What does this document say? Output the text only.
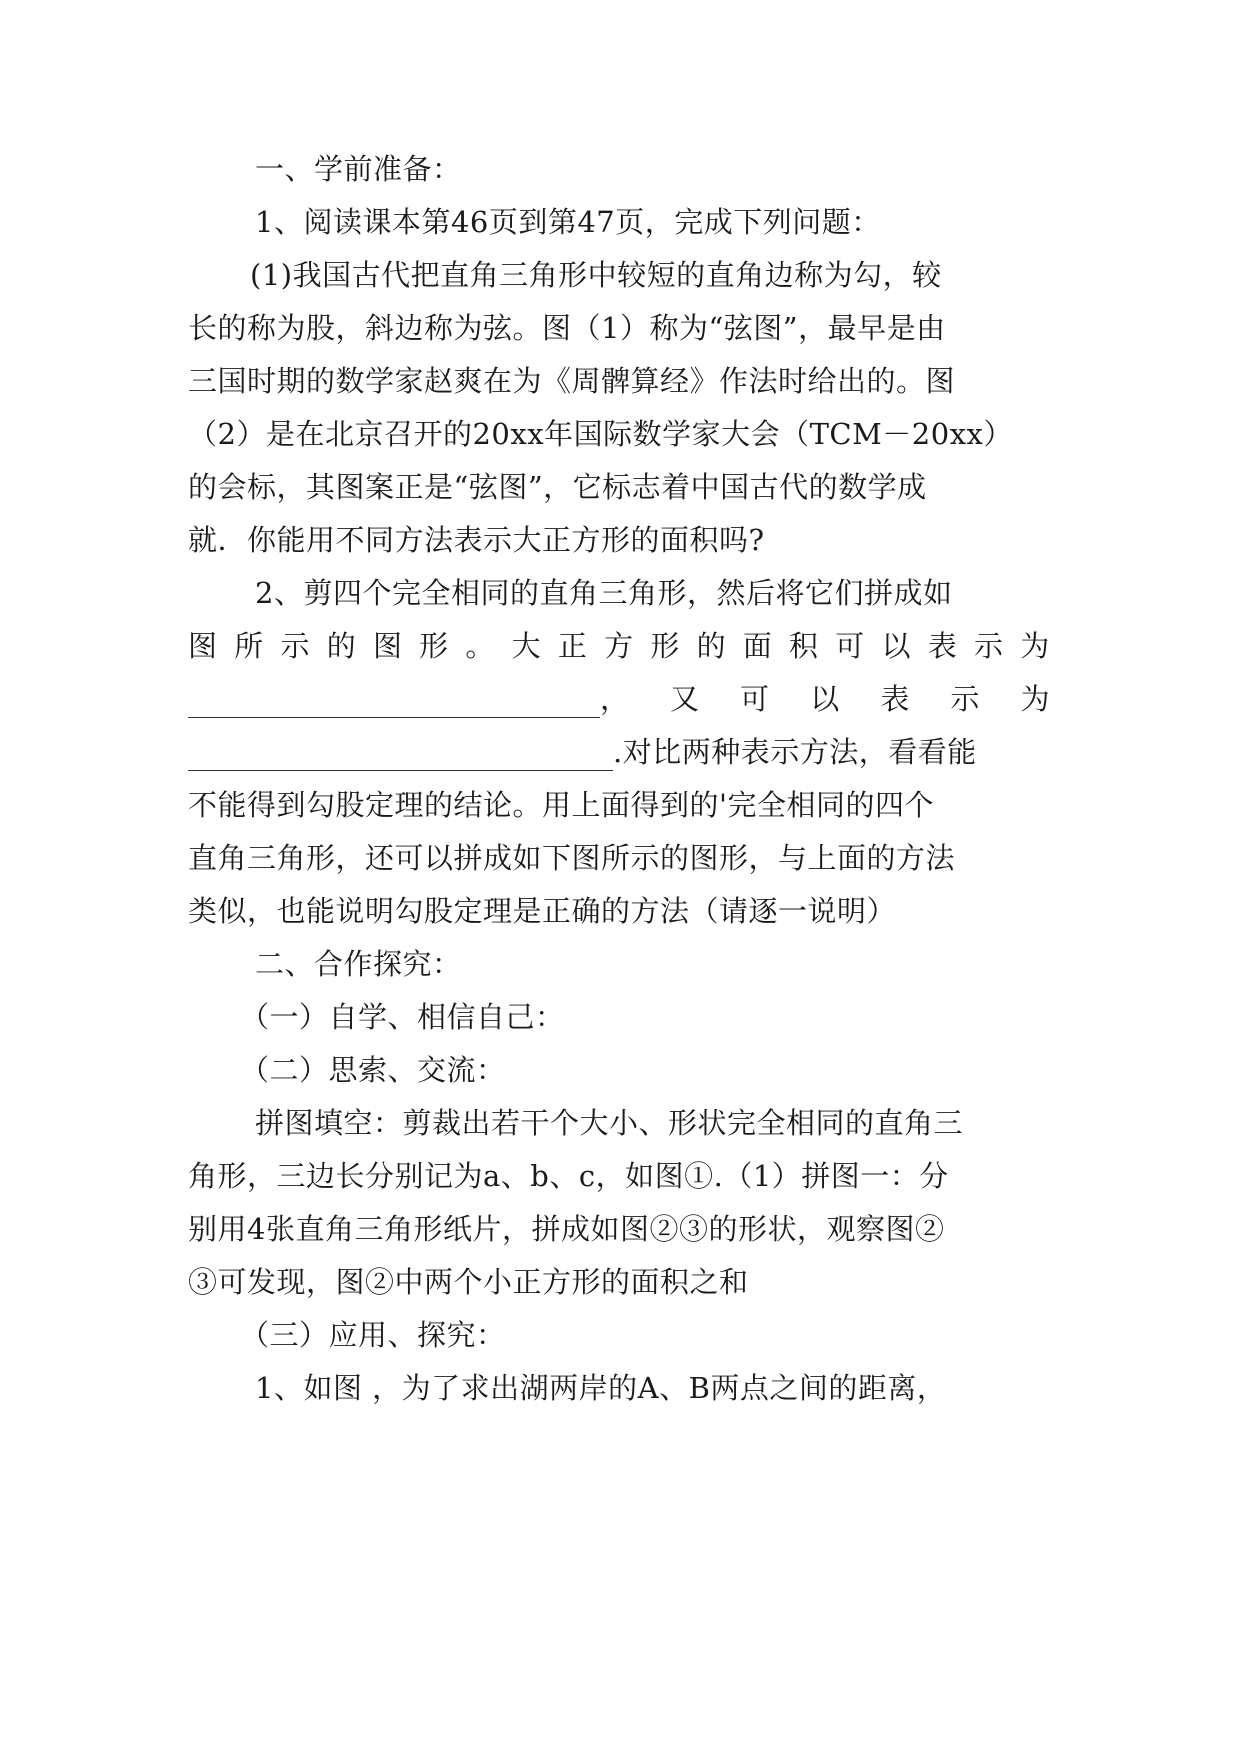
一、学前准备：
1、阅读课本第46页到第47页，完成下列问题：
(1)我国古代把直角三角形中较短的直角边称为勾，较
长的称为股，斜边称为弦。图（1）称为“弦图”，最早是由
三国时期的数学家赵爽在为《周髀算经》作法时给出的。图
（2）是在北京召开的20xx年国际数学家大会（TCM－20xx）
的会标，其图案正是“弦图”，它标志着中国古代的数学成
就．你能用不同方法表示大正方形的面积吗?
2、剪四个完全相同的直角三角形，然后将它们拼成如
图 所 示 的 图 形 。 大 正 方 形 的 面 积 可 以 表 示 为
， 又 可 以 表 示 为
.对比两种表示方法，看看能
不能得到勾股定理的结论。用上面得到的'完全相同的四个
直角三角形，还可以拼成如下图所示的图形，与上面的方法
类似，也能说明勾股定理是正确的方法（请逐一说明）
二、合作探究：
（一）自学、相信自己：
（二）思索、交流：
拼图填空：剪裁出若干个大小、形状完全相同的直角三
角形，三边长分别记为a、b、c，如图①.（1）拼图一：分
别用4张直角三角形纸片，拼成如图②③的形状，观察图②
③可发现，图②中两个小正方形的面积之和
（三）应用、探究：
1、如图 ，为了求出湖两岸的A、B两点之间的距离，
